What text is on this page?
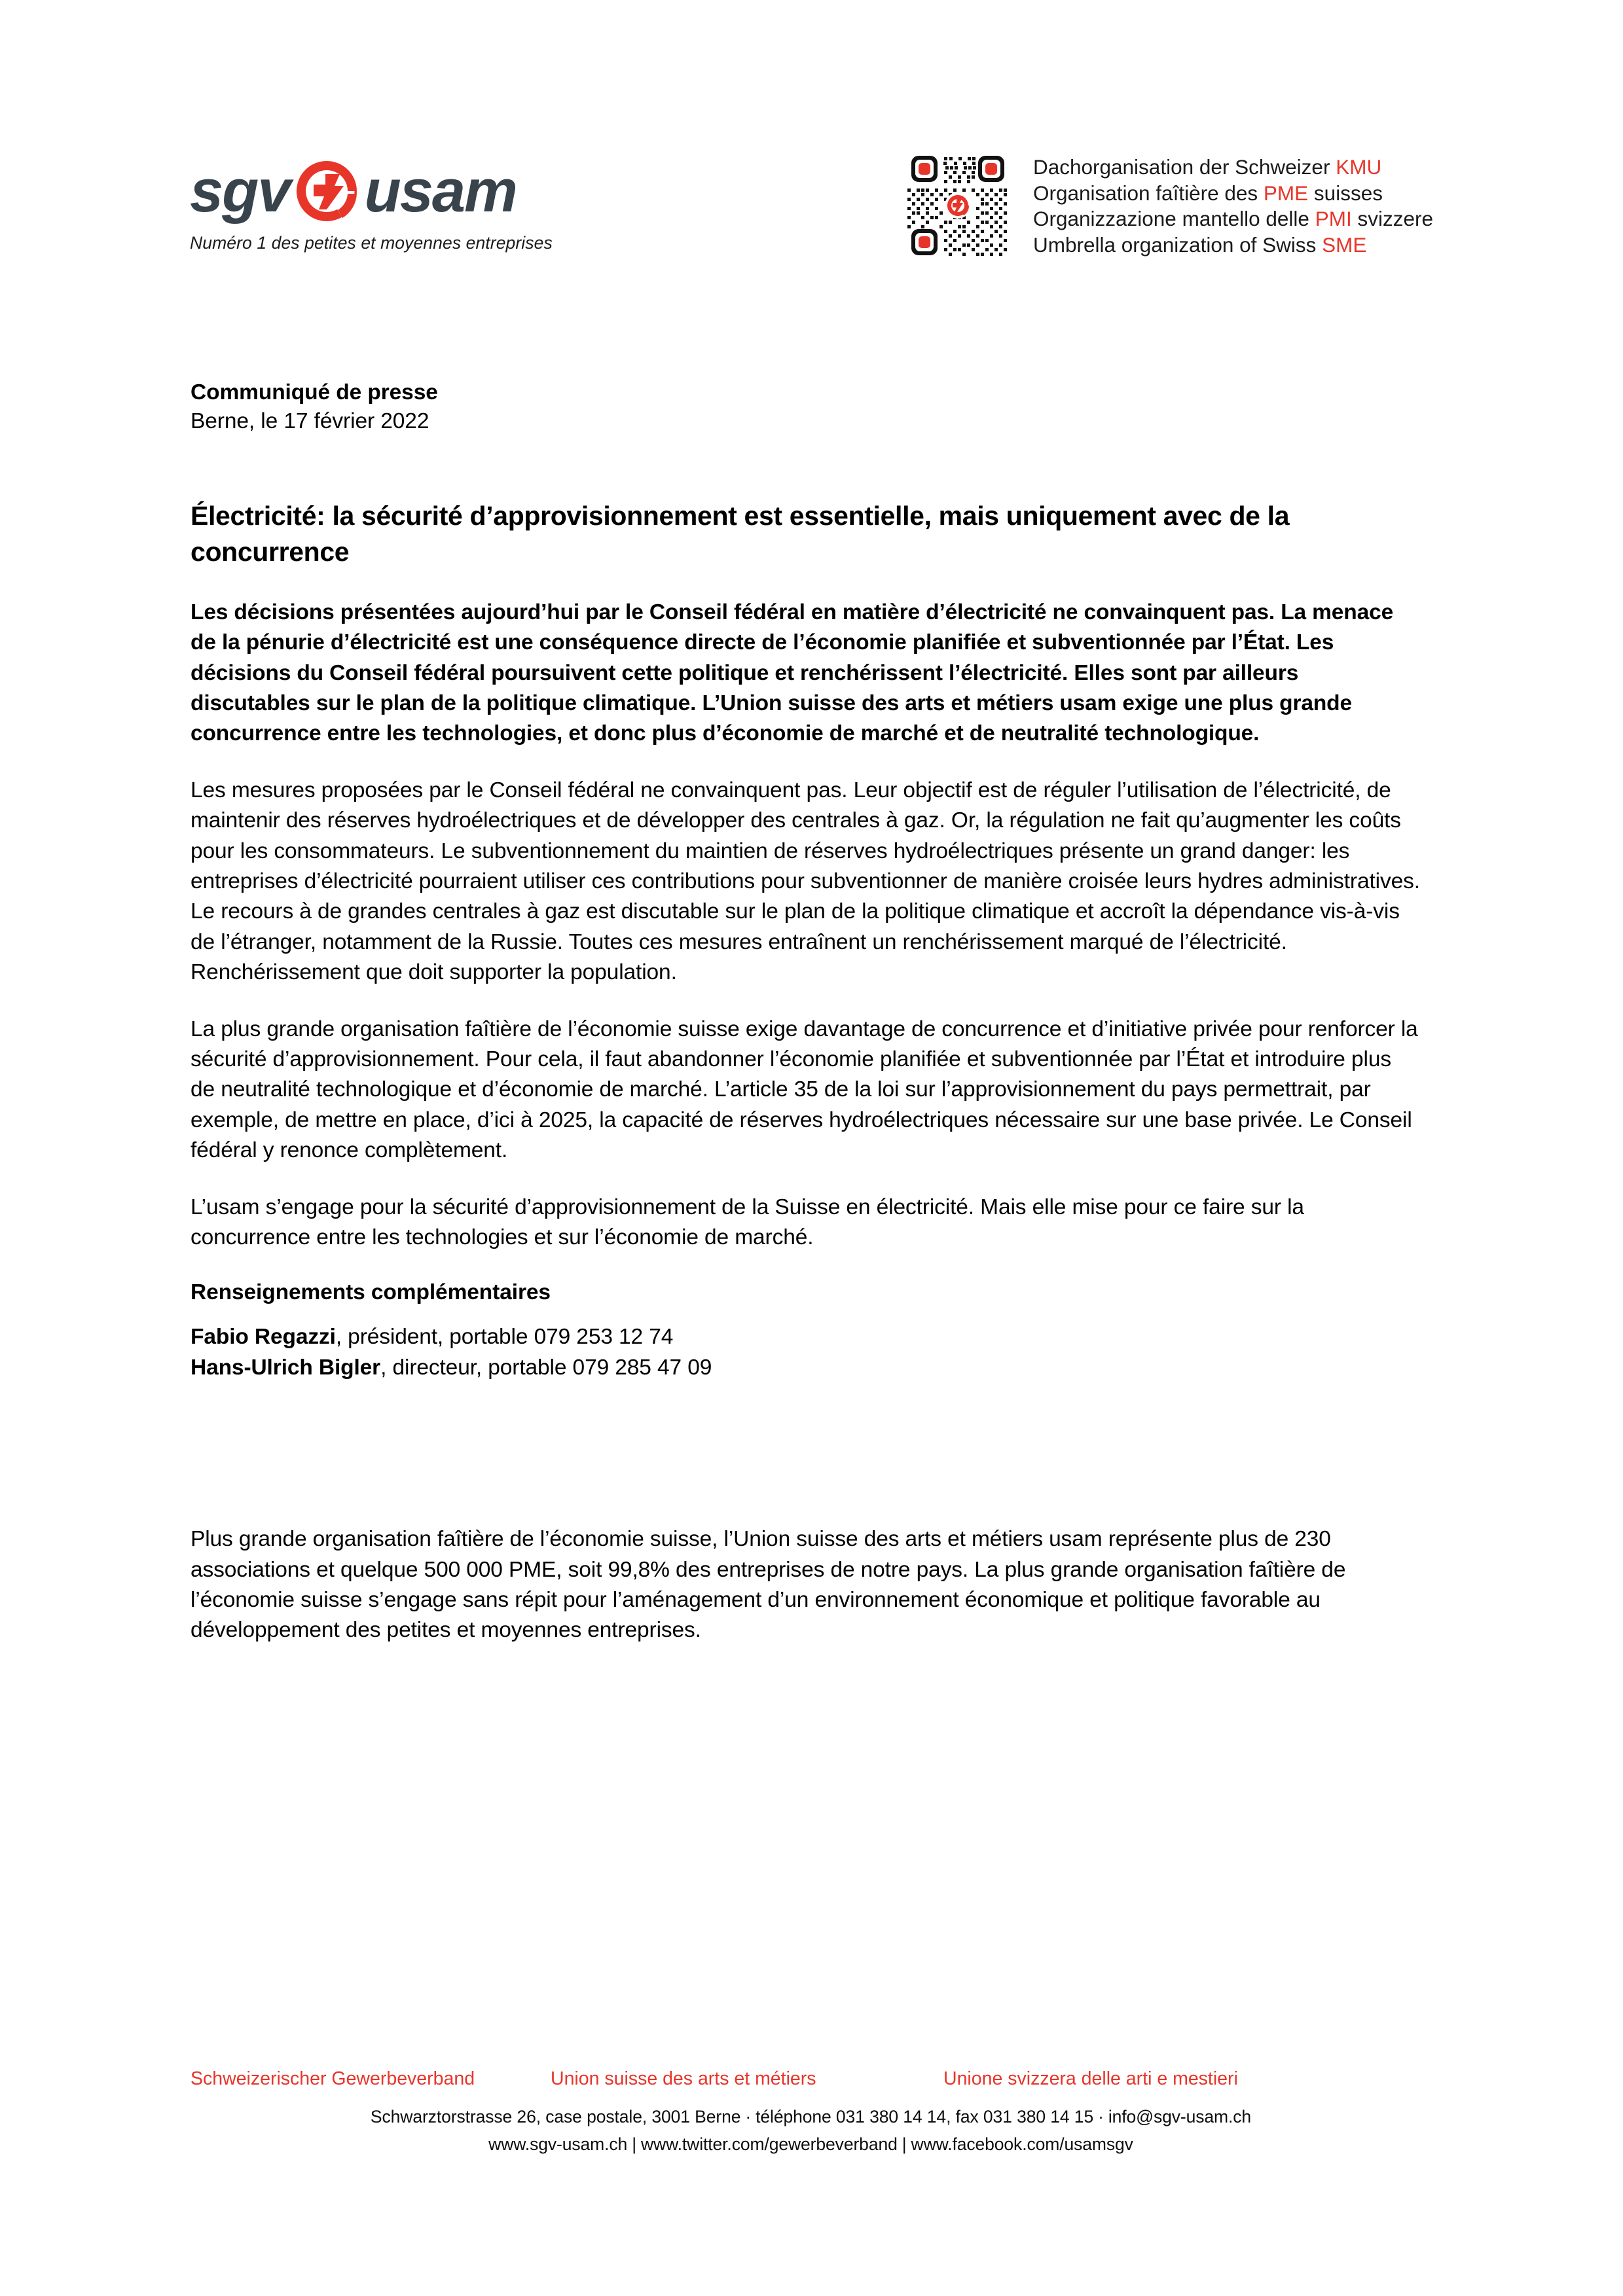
sgv usam
Numéro 1 des petites et moyennes entreprises
Dachorganisation der Schweizer KMU
Organisation faîtière des PME suisses
Organizzazione mantello delle PMI svizzere
Umbrella organization of Swiss SME
Communiqué de presse
Berne, le 17 février 2022
Électricité: la sécurité d’approvisionnement est essentielle, mais uniquement avec de la concurrence
Les décisions présentées aujourd’hui par le Conseil fédéral en matière d’électricité ne convainquent pas. La menace de la pénurie d’électricité est une conséquence directe de l’économie planifiée et subventionnée par l’État. Les décisions du Conseil fédéral poursuivent cette politique et renchérissent l’électricité. Elles sont par ailleurs discutables sur le plan de la politique climatique. L’Union suisse des arts et métiers usam exige une plus grande concurrence entre les technologies, et donc plus d’économie de marché et de neutralité technologique.

Les mesures proposées par le Conseil fédéral ne convainquent pas. Leur objectif est de réguler l’utilisation de l’électricité, de maintenir des réserves hydroélectriques et de développer des centrales à gaz. Or, la régulation ne fait qu’augmenter les coûts pour les consommateurs. Le subventionnement du maintien de réserves hydroélectriques présente un grand danger: les entreprises d’électricité pourraient utiliser ces contributions pour subventionner de manière croisée leurs hydres administratives. Le recours à de grandes centrales à gaz est discutable sur le plan de la politique climatique et accroît la dépendance vis-à-vis de l’étranger, notamment de la Russie. Toutes ces mesures entraînent un renchérissement marqué de l’électricité. Renchérissement que doit supporter la population.

La plus grande organisation faîtière de l’économie suisse exige davantage de concurrence et d’initiative privée pour renforcer la sécurité d’approvisionnement. Pour cela, il faut abandonner l’économie planifiée et subventionnée par l’État et introduire plus de neutralité technologique et d’économie de marché. L’article 35 de la loi sur l’approvisionnement du pays permettrait, par exemple, de mettre en place, d’ici à 2025, la capacité de réserves hydroélectriques nécessaire sur une base privée. Le Conseil fédéral y renonce complètement.

L’usam s’engage pour la sécurité d’approvisionnement de la Suisse en électricité. Mais elle mise pour ce faire sur la concurrence entre les technologies et sur l’économie de marché.

Renseignements complémentaires
Fabio Regazzi, président, portable 079 253 12 74
Hans-Ulrich Bigler, directeur, portable 079 285 47 09
Plus grande organisation faîtière de l’économie suisse, l’Union suisse des arts et métiers usam représente plus de 230 associations et quelque 500 000 PME, soit 99,8% des entreprises de notre pays. La plus grande organisation faîtière de l’économie suisse s’engage sans répit pour l’aménagement d’un environnement économique et politique favorable au développement des petites et moyennes entreprises.
Schweizerischer Gewerbeverband	Union suisse des arts et métiers	Unione svizzera delle arti e mestieri
Schwarztorstrasse 26, case postale, 3001 Berne · téléphone 031 380 14 14, fax 031 380 14 15 · info@sgv-usam.ch
www.sgv-usam.ch | www.twitter.com/gewerbeverband | www.facebook.com/usamsgv
